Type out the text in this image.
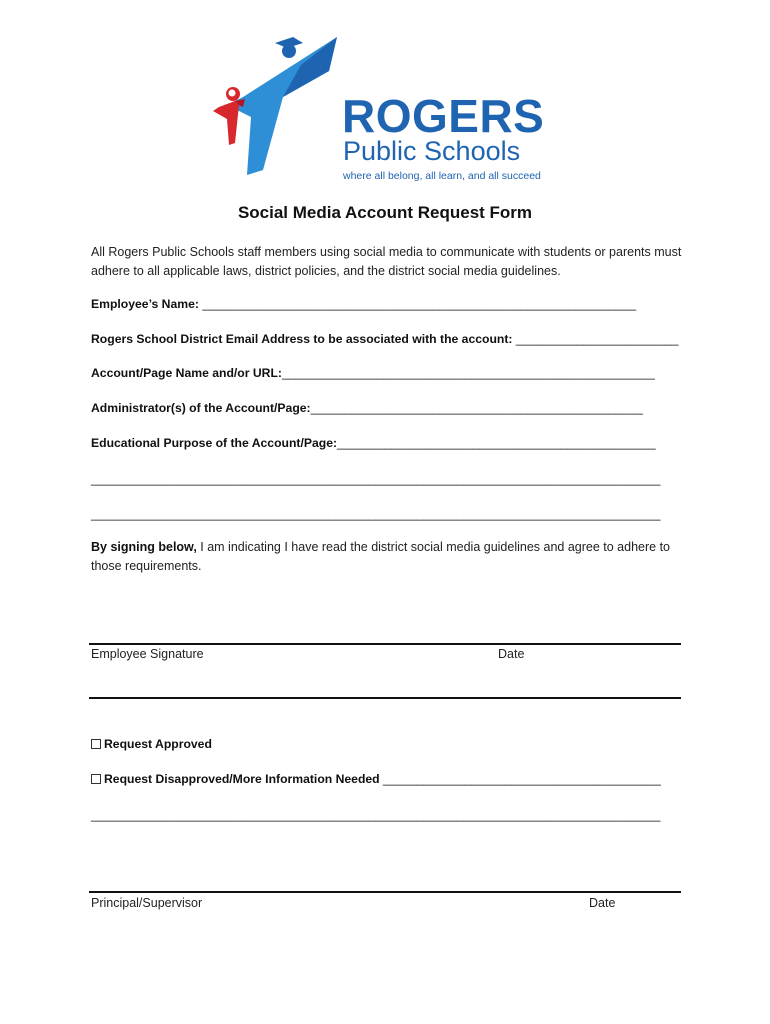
ROGERS
Public Schools
where all belong, all learn, and all succeed
Social Media Account Request Form
All Rogers Public Schools staff members using social media to communicate with students or parents must adhere to all applicable laws, district policies, and the district social media guidelines.
Employee’s Name: ________________________________________________________________
Rogers School District Email Address to be associated with the account: ________________________
Account/Page Name and/or URL:_______________________________________________________
Administrator(s) of the Account/Page:_________________________________________________
Educational Purpose of the Account/Page:_______________________________________________
____________________________________________________________________________________
____________________________________________________________________________________
By signing below, I am indicating I have read the district social media guidelines and agree to adhere to those requirements.
Employee Signature	Date
Request Approved
Request Disapproved/More Information Needed _________________________________________
____________________________________________________________________________________
Principal/Supervisor	Date
